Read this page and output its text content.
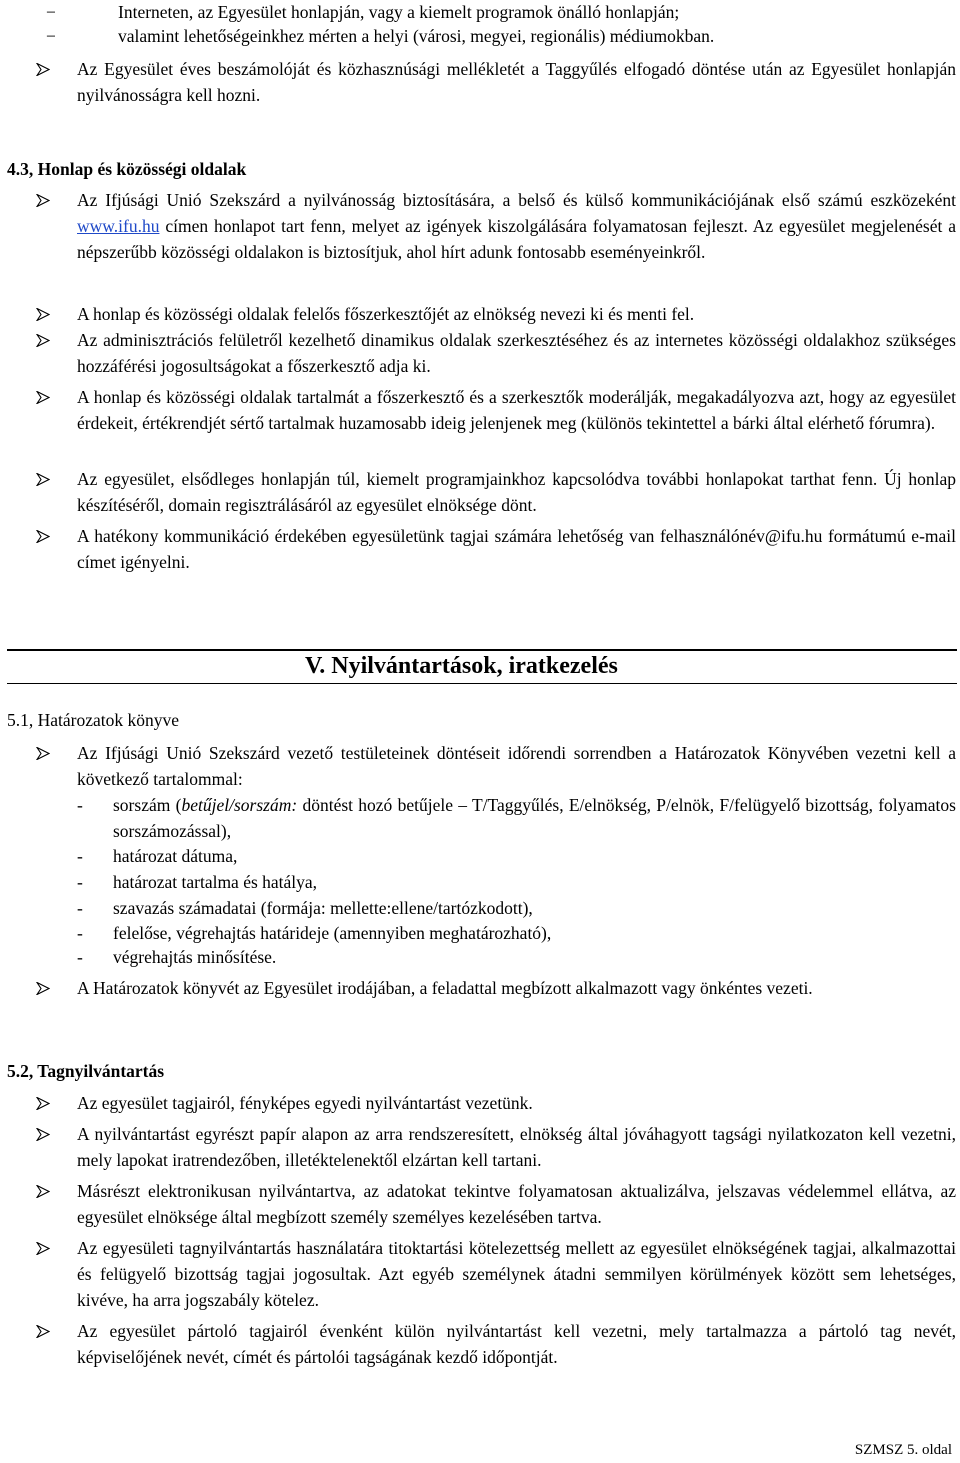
−	Interneten, az Egyesület honlapján, vagy a kiemelt programok önálló honlapján;
−	valamint lehetőségeinkhez mérten a helyi (városi, megyei, regionális) médiumokban.
Az Egyesület éves beszámolóját és közhasznúsági mellékletét a Taggyűlés elfogadó döntése után az Egyesület honlapján nyilvánosságra kell hozni.
4.3, Honlap és közösségi oldalak
Az Ifjúsági Unió Szekszárd a nyilvánosság biztosítására, a belső és külső kommunikációjának első számú eszközeként www.ifu.hu címen honlapot tart fenn, melyet az igények kiszolgálására folyamatosan fejleszt. Az egyesület megjelenését a népszerűbb közösségi oldalakon is biztosítjuk, ahol hírt adunk fontosabb eseményeinkről.
A honlap és közösségi oldalak felelős főszerkesztőjét az elnökség nevezi ki és menti fel.
Az adminisztrációs felületről kezelhető dinamikus oldalak szerkesztéséhez és az internetes közösségi oldalakhoz szükséges hozzáférési jogosultságokat a főszerkesztő adja ki.
A honlap és közösségi oldalak tartalmát a főszerkesztő és a szerkesztők moderálják, megakadályozva azt, hogy az egyesület érdekeit, értékrendjét sértő tartalmak huzamosabb ideig jelenjenek meg (különös tekintettel a bárki által elérhető fórumra).
Az egyesület, elsődleges honlapján túl, kiemelt programjainkhoz kapcsolódva további honlapokat tarthat fenn. Új honlap készítéséről, domain regisztrálásáról az egyesület elnöksége dönt.
A hatékony kommunikáció érdekében egyesületünk tagjai számára lehetőség van felhasználónév@ifu.hu formátumú e-mail címet igényelni.
V. Nyilvántartások, iratkezelés
5.1, Határozatok könyve
Az Ifjúsági Unió Szekszárd vezető testületeinek döntéseit időrendi sorrendben a Határozatok Könyvében vezetni kell a következő tartalommal:
- sorszám (betűjel/sorszám: döntést hozó betűjele – T/Taggyűlés, E/elnökség, P/elnök, F/felügyelő bizottság, folyamatos sorszámozással),
- határozat dátuma,
- határozat tartalma és hatálya,
- szavazás számadatai (formája: mellette:ellene/tartózkodott),
- felelőse, végrehajtás határideje (amennyiben meghatározható),
- végrehajtás minősítése.
A Határozatok könyvét az Egyesület irodájában, a feladattal megbízott alkalmazott vagy önkéntes vezeti.
5.2, Tagnyilvántartás
Az egyesület tagjairól, fényképes egyedi nyilvántartást vezetünk.
A nyilvántartást egyrészt papír alapon az arra rendszeresített, elnökség által jóváhagyott tagsági nyilatkozaton kell vezetni, mely lapokat iratrendezőben, illetéktelenektől elzártan kell tartani.
Másrészt elektronikusan nyilvántartva, az adatokat tekintve folyamatosan aktualizálva, jelszavas védelemmel ellátva, az egyesület elnöksége által megbízott személy személyes kezelésében tartva.
Az egyesületi tagnyilvántartás használatára titoktartási kötelezettség mellett az egyesület elnökségének tagjai, alkalmazottai és felügyelő bizottság tagjai jogosultak. Azt egyéb személynek átadni semmilyen körülmények között sem lehetséges, kivéve, ha arra jogszabály kötelez.
Az egyesület pártoló tagjairól évenként külön nyilvántartást kell vezetni, mely tartalmazza a pártoló tag nevét, képviselőjének nevét, címét és pártolói tagságának kezdő időpontját.
SZMSZ 5. oldal
